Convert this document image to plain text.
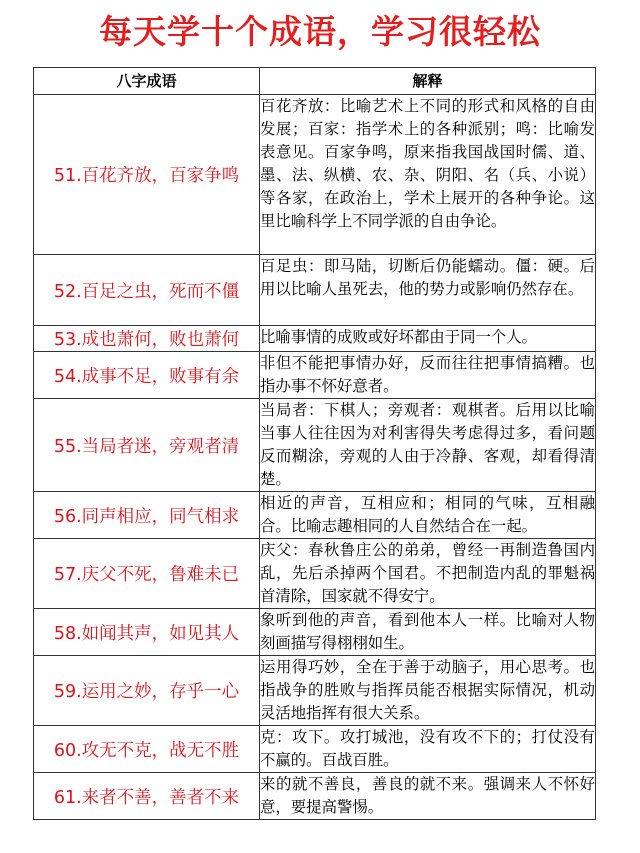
每天学十个成语，学习很轻松
八字成语	解释
51.百花齐放，百家争鸣	百花齐放：比喻艺术上不同的形式和风格的自由发展；百家：指学术上的各种派别；鸣：比喻发表意见。百家争鸣，原来指我国战国时儒、道、墨、法、纵横、农、杂、阴阳、名（兵、小说）等各家，在政治上，学术上展开的各种争论。这里比喻科学上不同学派的自由争论。
52.百足之虫，死而不僵	百足虫：即马陆，切断后仍能蠕动。僵：硬。后用以比喻人虽死去，他的势力或影响仍然存在。
53.成也萧何，败也萧何	比喻事情的成败或好坏都由于同一个人。
54.成事不足，败事有余	非但不能把事情办好，反而往往把事情搞糟。也指办事不怀好意者。
55.当局者迷，旁观者清	当局者：下棋人；旁观者：观棋者。后用以比喻当事人往往因为对利害得失考虑得过多，看问题反而糊涂，旁观的人由于冷静、客观，却看得清楚。
56.同声相应，同气相求	相近的声音，互相应和；相同的气味，互相融合。比喻志趣相同的人自然结合在一起。
57.庆父不死，鲁难未已	庆父：春秋鲁庄公的弟弟，曾经一再制造鲁国内乱，先后杀掉两个国君。不把制造内乱的罪魁祸首清除，国家就不得安宁。
58.如闻其声，如见其人	象听到他的声音，看到他本人一样。比喻对人物刻画描写得栩栩如生。
59.运用之妙，存乎一心	运用得巧妙，全在于善于动脑子，用心思考。也指战争的胜败与指挥员能否根据实际情况，机动灵活地指挥有很大关系。
60.攻无不克，战无不胜	克：攻下。攻打城池，没有攻不下的；打仗没有不赢的。百战百胜。
61.来者不善，善者不来	来的就不善良，善良的就不来。强调来人不怀好意，要提高警惕。
